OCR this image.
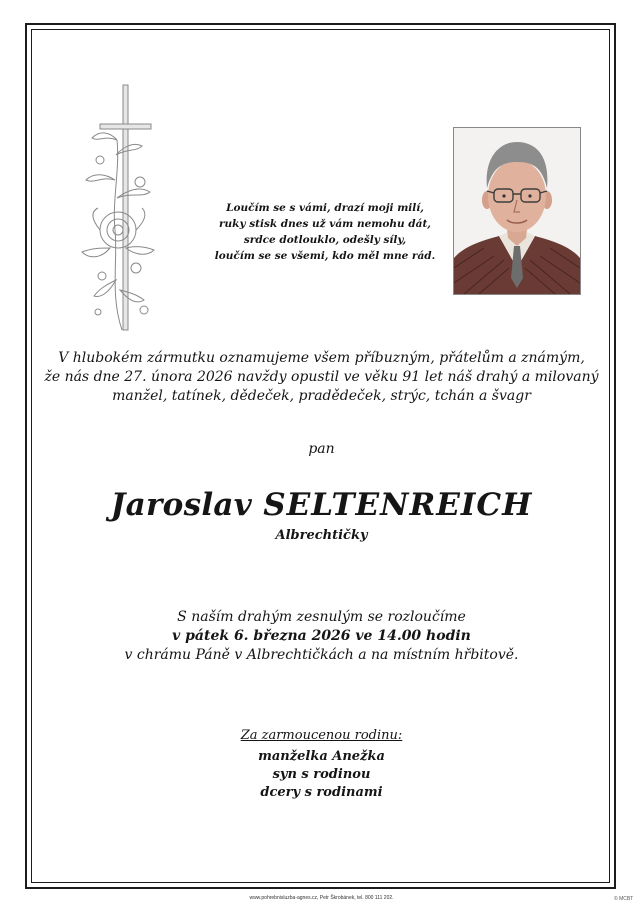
Loučím se s vámi, drazí moji milí,
ruky stisk dnes už vám nemohu dát,
srdce dotlouklo, odešly síly,
loučím se se všemi, kdo měl mne rád.
V hlubokém zármutku oznamujeme všem příbuzným, přátelům a známým,
že nás dne 27. února 2026 navždy opustil ve věku 91 let náš drahý a milovaný
manžel, tatínek, dědeček, pradědeček, strýc, tchán a švagr
pan
Jaroslav SELTENREICH
Albrechtičky
S naším drahým zesnulým se rozloučíme
v pátek 6. března 2026 ve 14.00 hodin
v chrámu Páně v Albrechtičkách a na místním hřbitově.
Za zarmoucenou rodinu:
manželka Anežka
syn s rodinou
dcery s rodinami
www.pohrebnisluzba-agnes.cz, Petr Škrobánek, tel. 800 111 202.	© MCBT
